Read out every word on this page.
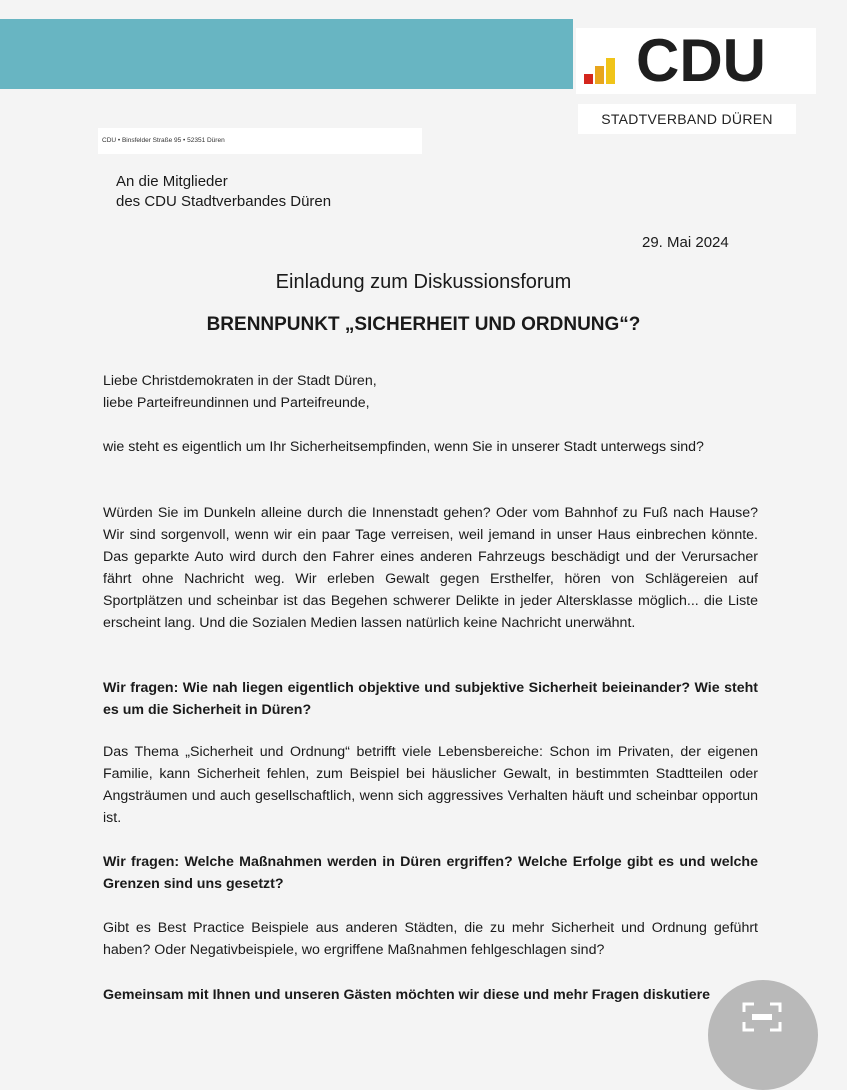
CDU
STADTVERBAND DÜREN
CDU • Binsfelder Straße 95 • 52351 Düren
An die Mitglieder
des CDU Stadtverbandes Düren
29. Mai 2024
Einladung zum Diskussionsforum
BRENNPUNKT „SICHERHEIT UND ORDNUNG“?
Liebe Christdemokraten in der Stadt Düren,
liebe Parteifreundinnen und Parteifreunde,
wie steht es eigentlich um Ihr Sicherheitsempfinden, wenn Sie in unserer Stadt unterwegs sind?
Würden Sie im Dunkeln alleine durch die Innenstadt gehen? Oder vom Bahnhof zu Fuß nach Hause? Wir sind sorgenvoll, wenn wir ein paar Tage verreisen, weil jemand in unser Haus einbrechen könnte. Das geparkte Auto wird durch den Fahrer eines anderen Fahrzeugs beschädigt und der Verursacher fährt ohne Nachricht weg. Wir erleben Gewalt gegen Ersthelfer, hören von Schlägereien auf Sportplätzen und scheinbar ist das Begehen schwerer Delikte in jeder Altersklasse möglich... die Liste erscheint lang. Und die Sozialen Medien lassen natürlich keine Nachricht unerwähnt.
Wir fragen: Wie nah liegen eigentlich objektive und subjektive Sicherheit beieinander? Wie steht es um die Sicherheit in Düren?
Das Thema „Sicherheit und Ordnung“ betrifft viele Lebensbereiche: Schon im Privaten, der eigenen Familie, kann Sicherheit fehlen, zum Beispiel bei häuslicher Gewalt, in bestimmten Stadtteilen oder Angsträumen und auch gesellschaftlich, wenn sich aggressives Verhalten häuft und scheinbar opportun ist.
Wir fragen: Welche Maßnahmen werden in Düren ergriffen? Welche Erfolge gibt es und welche Grenzen sind uns gesetzt?
Gibt es Best Practice Beispiele aus anderen Städten, die zu mehr Sicherheit und Ordnung geführt haben? Oder Negativbeispiele, wo ergriffene Maßnahmen fehlgeschlagen sind?
Gemeinsam mit Ihnen und unseren Gästen möchten wir diese und mehr Fragen diskutiere
